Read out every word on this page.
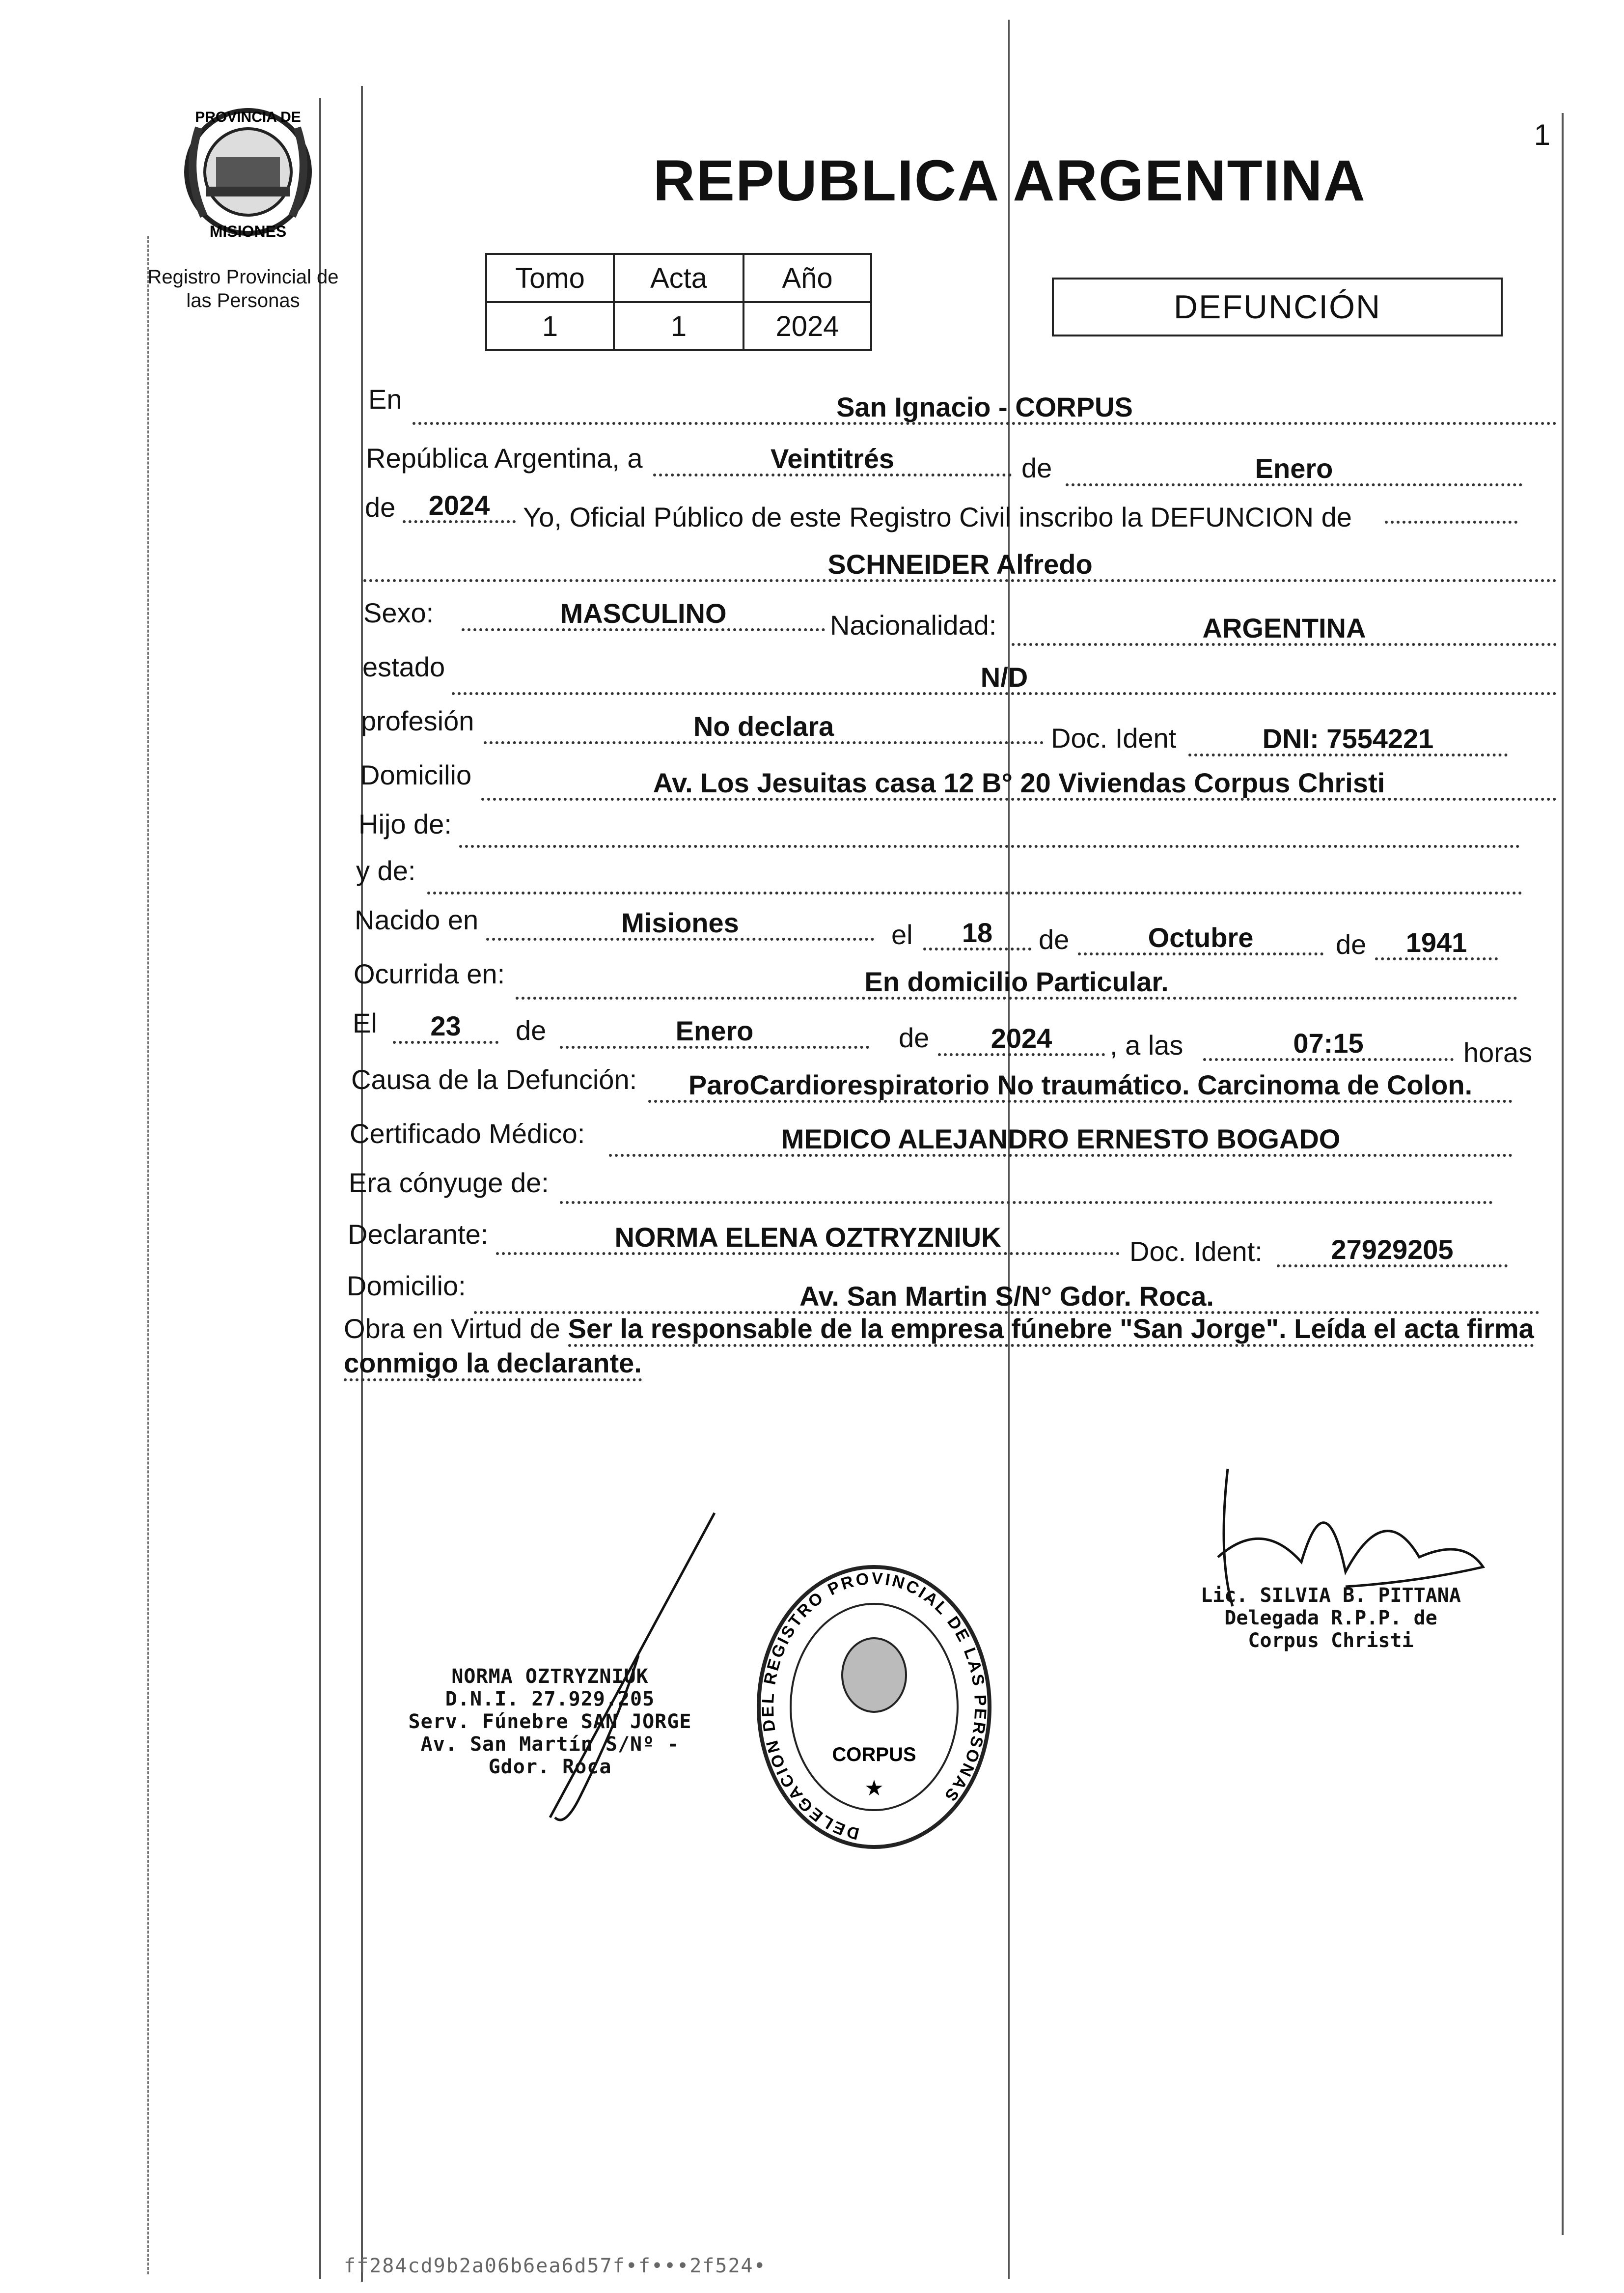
PROVINCIA DE
MISIONES
Registro Provincial de
las Personas
1
REPUBLICA ARGENTINA
Tomo	Acta	Año
1	1	2024
DEFUNCIÓN
En	San Ignacio - CORPUS
República Argentina, a	Veintitrés	de	Enero
de	2024	Yo, Oficial Público de este Registro Civil inscribo la DEFUNCION de
SCHNEIDER Alfredo
Sexo:	MASCULINO	Nacionalidad:	ARGENTINA
estado	N/D
profesión	No declara	Doc. Ident	DNI: 7554221
Domicilio	Av. Los Jesuitas casa 12 B° 20 Viviendas Corpus Christi
Hijo de:
y de:
Nacido en	Misiones	el	18	de	Octubre	de	1941
Ocurrida en:	En domicilio Particular.
El	23	de	Enero	de	2024	, a las	07:15	horas
Causa de la Defunción:	ParoCardiorespiratorio No traumático. Carcinoma de Colon.
Certificado Médico:	MEDICO ALEJANDRO ERNESTO BOGADO
Era cónyuge de:
Declarante:	NORMA ELENA OZTRYZNIUK	Doc. Ident:	27929205
Domicilio:	Av. San Martin S/N° Gdor. Roca.
Obra en Virtud de Ser la responsable de la empresa fúnebre "San Jorge". Leída el acta firma conmigo la declarante.
NORMA OZTRYZNIUK
D.N.I. 27.929.205
Serv. Fúnebre SAN JORGE
Av. San Martín S/Nº - Gdor. Roca
DELEGACION DEL REGISTRO PROVINCIAL DE LAS PERSONAS
CORPUS
★
Lic. SILVIA B. PITTANA
Delegada R.P.P. de
Corpus Christi
ff284cd9b2a06b6ea6d57f•f•••2f524•
